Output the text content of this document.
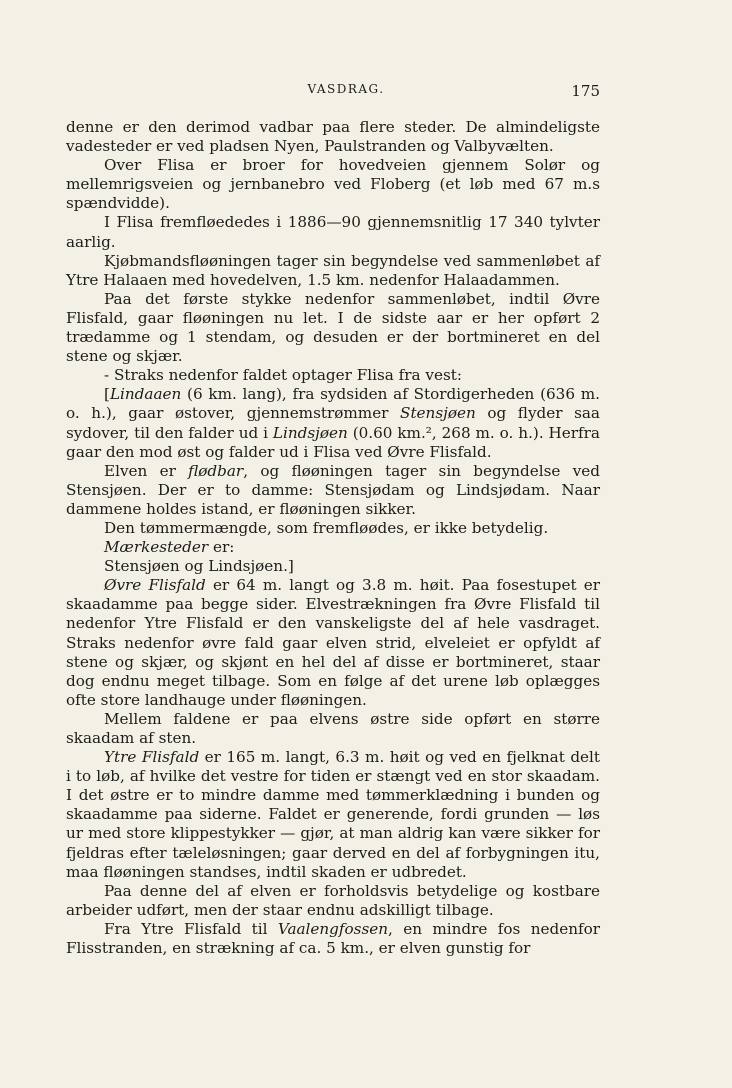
VASDRAG.	175

denne er den derimod vadbar paa flere steder. De almindeligste vadesteder er ved pladsen Nyen, Paulstranden og Valbyvælten.

Over Flisa er broer for hovedveien gjennem Solør og mellemrigsveien og jernbanebro ved Floberg (et løb med 67 m.s spændvidde).

I Flisa fremfløededes i 1886—90 gjennemsnitlig 17 340 tylvter aarlig.

Kjøbmandsfløøningen tager sin begyndelse ved sammenløbet af Ytre Halaaen med hovedelven, 1.5 km. nedenfor Halaadammen.

Paa det første stykke nedenfor sammenløbet, indtil Øvre Flisfald, gaar fløøningen nu let. I de sidste aar er her opført 2 trædamme og 1 stendam, og desuden er der bortmineret en del stene og skjær.

- Straks nedenfor faldet optager Flisa fra vest:

[Lindaaen (6 km. lang), fra sydsiden af Stordigerheden (636 m. o. h.), gaar østover, gjennemstrømmer Stensjøen og flyder saa sydover, til den falder ud i Lindsjøen (0.60 km.², 268 m. o. h.). Herfra gaar den mod øst og falder ud i Flisa ved Øvre Flisfald.

Elven er flødbar, og fløøningen tager sin begyndelse ved Stensjøen. Der er to damme: Stensjødam og Lindsjødam. Naar dammene holdes istand, er fløøningen sikker.

Den tømmermængde, som fremfløødes, er ikke betydelig.

Mærkesteder er:

Stensjøen og Lindsjøen.]

Øvre Flisfald er 64 m. langt og 3.8 m. høit. Paa fosestupet er skaadamme paa begge sider. Elvestrækningen fra Øvre Flisfald til nedenfor Ytre Flisfald er den vanskeligste del af hele vasdraget. Straks nedenfor øvre fald gaar elven strid, elveleiet er opfyldt af stene og skjær, og skjønt en hel del af disse er bortmineret, staar dog endnu meget tilbage. Som en følge af det urene løb oplægges ofte store landhauge under fløøningen.

Mellem faldene er paa elvens østre side opført en større skaadam af sten.

Ytre Flisfald er 165 m. langt, 6.3 m. høit og ved en fjelknat delt i to løb, af hvilke det vestre for tiden er stængt ved en stor skaadam. I det østre er to mindre damme med tømmerklædning i bunden og skaadamme paa siderne. Faldet er generende, fordi grunden — løs ur med store klippestykker — gjør, at man aldrig kan være sikker for fjeldras efter tæleløsningen; gaar derved en del af forbygningen itu, maa fløøningen standses, indtil skaden er udbredet.

Paa denne del af elven er forholdsvis betydelige og kostbare arbeider udført, men der staar endnu adskilligt tilbage.

Fra Ytre Flisfald til Vaalengfossen, en mindre fos nedenfor Flisstranden, en strækning af ca. 5 km., er elven gunstig for
